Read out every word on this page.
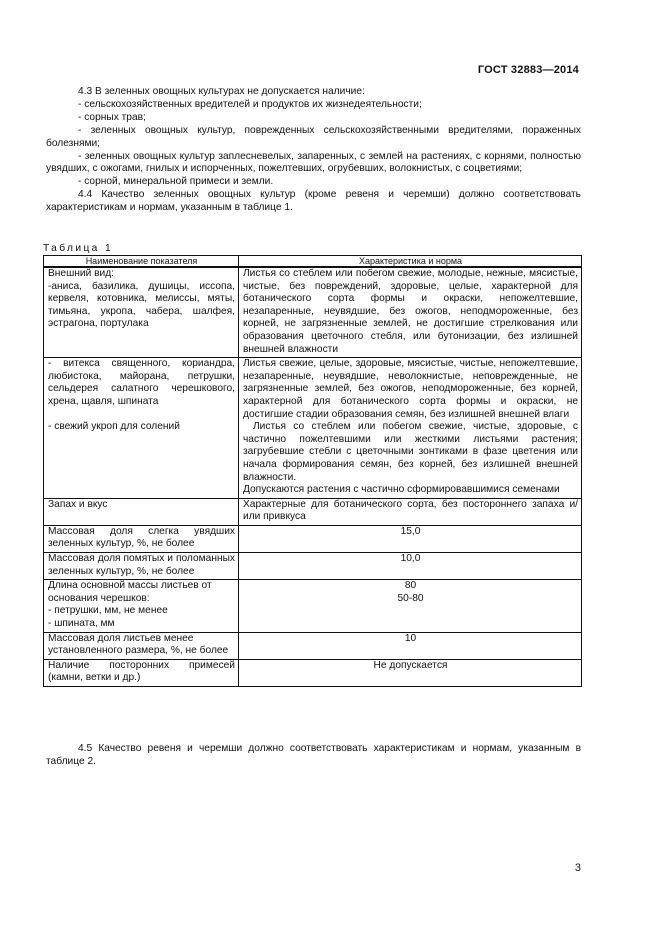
ГОСТ 32883—2014

4.3 В зеленных овощных культурах не допускается наличие:

- сельскохозяйственных вредителей и продуктов их жизнедеятельности;

- сорных трав;

- зеленных овощных культур, поврежденных сельскохозяйственными вредителями, пораженных болезнями;

- зеленных овощных культур заплесневелых, запаренных, с землей на растениях, с корнями, полностью увядших, с ожогами, гнилых и испорченных, пожелтевших, огрубевших, волокнистых, с соцветиями;

- сорной, минеральной примеси и земли.

4.4 Качество зеленных овощных культур (кроме ревеня и черемши) должно соответствовать характеристикам и нормам, указанным в таблице 1.

Таблица 1
Наименование показателя	Характеристика и норма
Внешний вид:
-аниса, базилика, душицы, иссопа, кервеля, котовника, мелиссы, мяты, тимьяна, укропа, чабера, шалфея, эстрагона, портулака	Листья со стеблем или побегом свежие, молодые, нежные, мясистые, чистые, без повреждений, здоровые, целые, характерной для ботанического сорта формы и окраски, непожелтевшие, незапаренные, неувядшие, без ожогов, неподмороженные, без корней, не загрязненные землей, не достигшие стрелкования или образования цветочного стебля, или бутонизации, без излишней внешней влажности

- витекса священного, кориандра, любистока, майорана, петрушки, сельдерея салатного черешкового, хрена, щавля, шпината
- свежий укроп для солений	Листья свежие, целые, здоровые, мясистые, чистые, непожелтевшие, незапаренные, неувядшие, неволокнистые, неповрежденные, не загрязненные землей, без ожогов, неподмороженные, без корней, характерной для ботанического сорта формы и окраски, не достигшие стадии образования семян, без излишней внешней влаги
Листья со стеблем или побегом свежие, чистые, здоровые, с частично пожелтевшими или жесткими листьями растения; загрубевшие стебли с цветочными зонтиками в фазе цветения или начала формирования семян, без корней, без излишней внешней влажности.
Допускаются растения с частично сформировавшимися семенами

Запах и вкус	Характерные для ботанического сорта, без постороннего запаха и/или привкуса
Массовая доля слегка увядших зеленных культур, %, не более	15,0
Массовая доля помятых и поломанных зеленных культур, %, не более	10,0

Длина основной массы листьев от основания черешков:
- петрушки, мм, не менее
- шпината, мм	80
50-80

Массовая доля листьев менее установленного размера, %, не более	10
Наличие посторонних примесей (камни, ветки и др.)	Не допускается

4.5 Качество ревеня и черемши должно соответствовать характеристикам и нормам, указанным в таблице 2.

3
